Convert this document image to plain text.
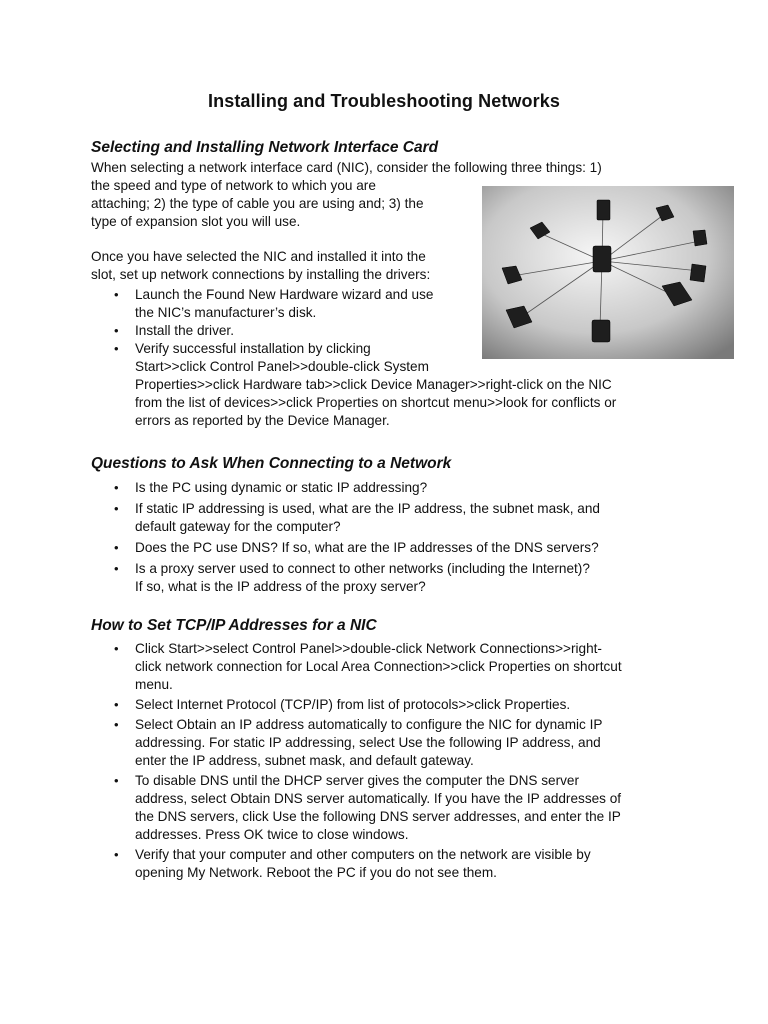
Installing and Troubleshooting Networks
Selecting and Installing Network Interface Card
When selecting a network interface card (NIC), consider the following three things: 1)
the speed and type of network to which you are
attaching; 2) the type of cable you are using and; 3) the
type of expansion slot you will use.
Once you have selected the NIC and installed it into the
slot, set up network connections by installing the drivers:
• Launch the Found New Hardware wizard and use
the NIC’s manufacturer’s disk.
• Install the driver.
• Verify successful installation by clicking
Start>>click Control Panel>>double-click System
Properties>>click Hardware tab>>click Device Manager>>right-click on the NIC
from the list of devices>>click Properties on shortcut menu>>look for conflicts or
errors as reported by the Device Manager.
Questions to Ask When Connecting to a Network
• Is the PC using dynamic or static IP addressing?
• If static IP addressing is used, what are the IP address, the subnet mask, and
default gateway for the computer?
• Does the PC use DNS? If so, what are the IP addresses of the DNS servers?
• Is a proxy server used to connect to other networks (including the Internet)?
If so, what is the IP address of the proxy server?
How to Set TCP/IP Addresses for a NIC
• Click Start>>select Control Panel>>double-click Network Connections>>right-
click network connection for Local Area Connection>>click Properties on shortcut
menu.
• Select Internet Protocol (TCP/IP) from list of protocols>>click Properties.
• Select Obtain an IP address automatically to configure the NIC for dynamic IP
addressing. For static IP addressing, select Use the following IP address, and
enter the IP address, subnet mask, and default gateway.
• To disable DNS until the DHCP server gives the computer the DNS server
address, select Obtain DNS server automatically. If you have the IP addresses of
the DNS servers, click Use the following DNS server addresses, and enter the IP
addresses. Press OK twice to close windows.
• Verify that your computer and other computers on the network are visible by
opening My Network. Reboot the PC if you do not see them.
